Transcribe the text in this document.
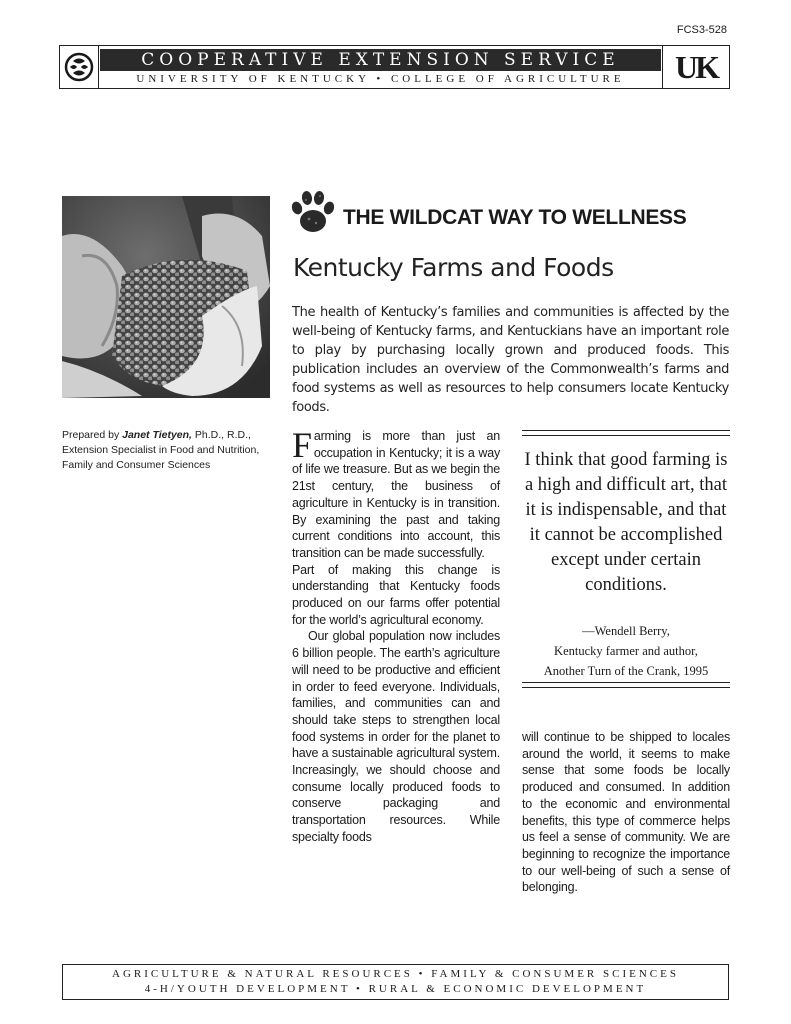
FCS3-528
COOPERATIVE EXTENSION SERVICE
UNIVERSITY OF KENTUCKY • COLLEGE OF AGRICULTURE	UK
Prepared by Janet Tietyen, Ph.D., R.D., Extension Specialist in Food and Nutrition, Family and Consumer Sciences
THE WILDCAT WAY TO WELLNESS
Kentucky Farms and Foods

The health of Kentucky’s families and communities is affected by the well-being of Kentucky farms, and Kentuckians have an important role to play by purchasing locally grown and produced foods. This publication includes an overview of the Commonwealth’s farms and food systems as well as resources to help consumers locate Kentucky foods.

Farming is more than just an occupation in Kentucky; it is a way of life we treasure. But as we begin the 21st century, the business of agriculture in Kentucky is in transition. By examining the past and taking current conditions into account, this transition can be made successfully.

Part of making this change is understanding that Kentucky foods produced on our farms offer potential for the world’s agricultural economy.

Our global population now includes 6 billion people. The earth’s agriculture will need to be productive and efficient in order to feed everyone. Individuals, families, and communities can and should take steps to strengthen local food systems in order for the planet to have a sustainable agricultural system. Increasingly, we should choose and consume locally produced foods to conserve packaging and transportation resources. While specialty foods

I think that good farming is a high and difficult art, that it is indispensable, and that it cannot be accomplished except under certain conditions.

—Wendell Berry,
Kentucky farmer and author,
Another Turn of the Crank, 1995

will continue to be shipped to locales around the world, it seems to make sense that some foods be locally produced and consumed. In addition to the economic and environmental benefits, this type of commerce helps us feel a sense of community. We are beginning to recognize the importance to our well-being of such a sense of belonging.

AGRICULTURE & NATURAL RESOURCES • FAMILY & CONSUMER SCIENCES
4-H/YOUTH DEVELOPMENT • RURAL & ECONOMIC DEVELOPMENT
